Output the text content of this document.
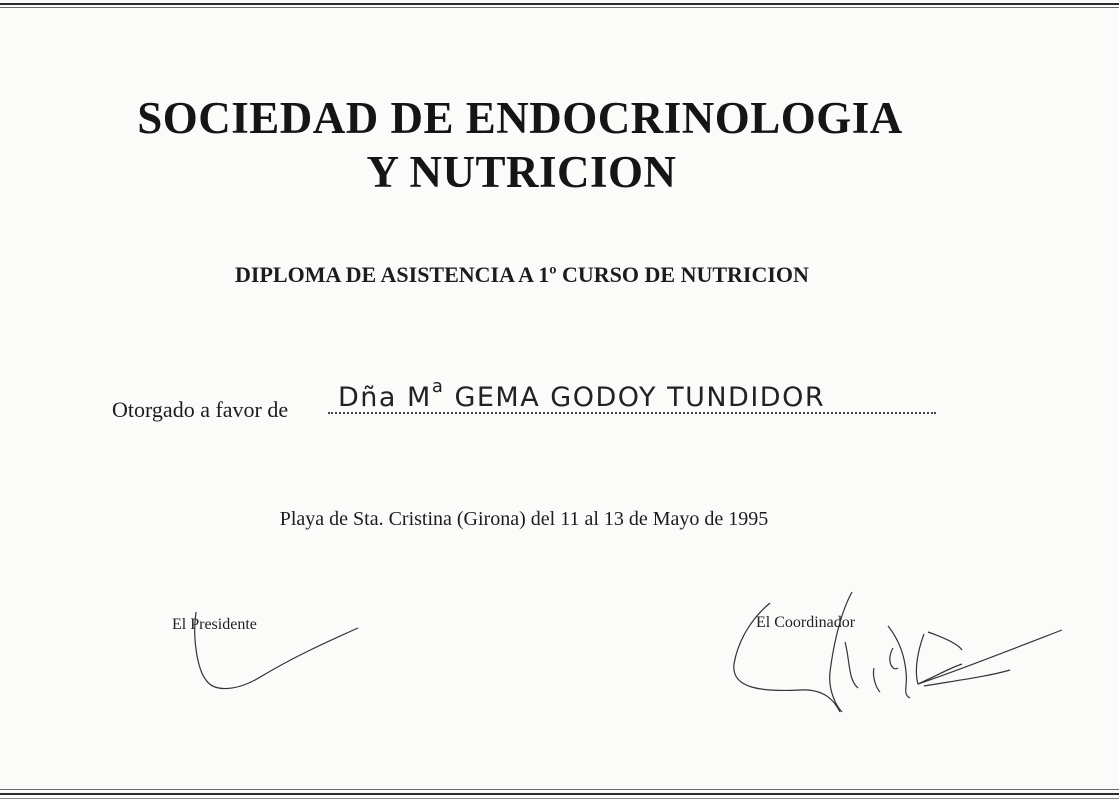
SOCIEDAD DE ENDOCRINOLOGIA
Y NUTRICION
DIPLOMA DE ASISTENCIA A 1º CURSO DE NUTRICION
Otorgado a favor de Dña $M^a$ GEMA GODOY TUNDIDOR
Playa de Sta. Cristina (Girona) del 11 al 13 de Mayo de 1995
El Presidente	El Coordinador
